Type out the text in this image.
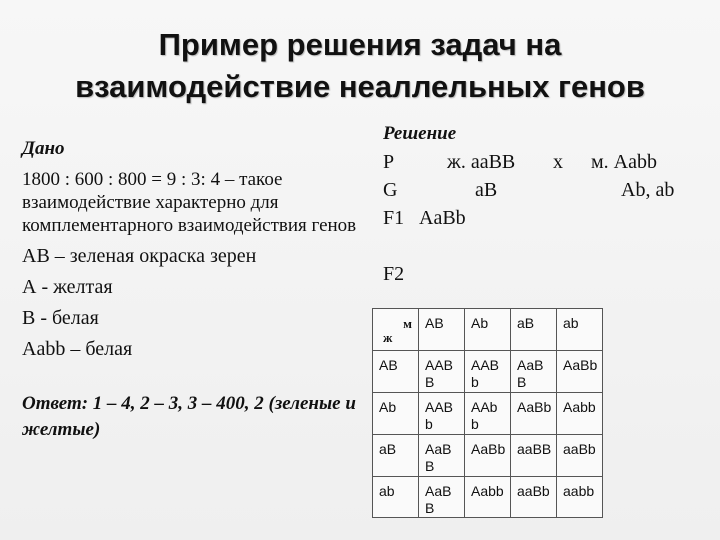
Пример решения задач на
взаимодействие неаллельных генов
Дано

1800 : 600 : 800 = 9 : 3: 4 – такое взаимодействие характерно для комплементарного взаимодействия генов

АВ – зеленая окраска зерен

А - желтая

В - белая

Aabb – белая

Ответ: 1 – 4, 2 – 3, 3 – 400, 2 (зеленые и желтые)

Решение
Р	ж. ааВВ х м. Aabb
G	аВ	Ab, ab
F1 AaBb
F2
м
ж	AB	Ab	aB	ab
AB	AAB B	AAB b	AaB B	AaBb
Ab	AAB b	AAb b	AaBb	Aabb
aB	AaB B	AaBb	aaBB	aaBb
ab	AaB B	Aabb	aaBb	aabb
